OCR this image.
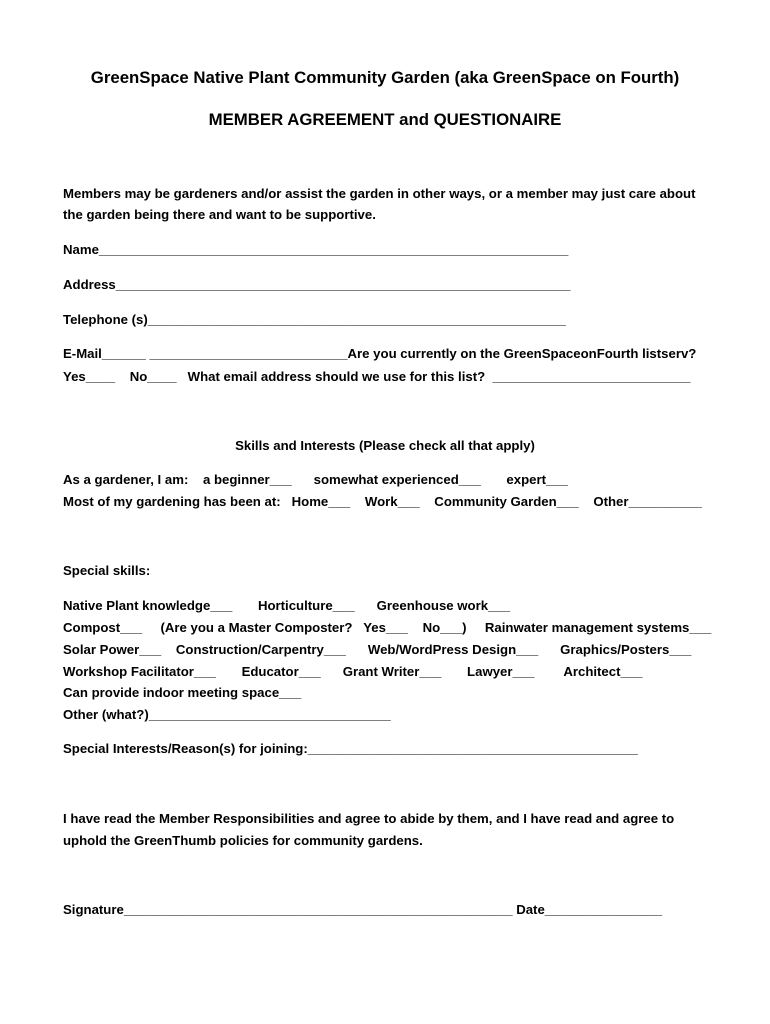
GreenSpace Native Plant Community Garden (aka GreenSpace on Fourth)
MEMBER AGREEMENT and QUESTIONAIRE
Members may be gardeners and/or assist the garden in other ways, or a member may just care about
the garden being there and want to be supportive.
Name________________________________________________________________
Address______________________________________________________________
Telephone (s)_________________________________________________________
E-Mail______ ___________________________Are you currently on the GreenSpaceonFourth listserv?
Yes____    No____   What email address should we use for this list?  ___________________________
Skills and Interests (Please check all that apply)
As a gardener, I am:    a beginner___      somewhat experienced___       expert___
Most of my gardening has been at:   Home___    Work___    Community Garden___    Other__________
Special skills:
Native Plant knowledge___       Horticulture___      Greenhouse work___
Compost___     (Are you a Master Composter?   Yes___    No___)     Rainwater management systems___
Solar Power___    Construction/Carpentry___      Web/WordPress Design___      Graphics/Posters___
Workshop Facilitator___       Educator___      Grant Writer___       Lawyer___        Architect___
Can provide indoor meeting space___
Other (what?)_________________________________
Special Interests/Reason(s) for joining:_____________________________________________
I have read the Member Responsibilities and agree to abide by them, and I have read and agree to
uphold the GreenThumb policies for community gardens.
Signature_____________________________________________________ Date________________
